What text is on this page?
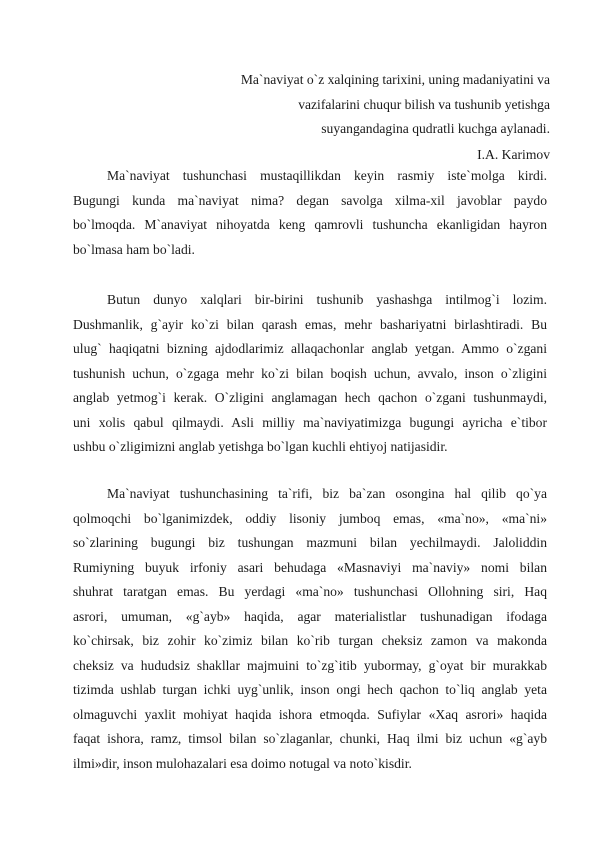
Ma`naviyat o`z xalqining tarixini, uning madaniyatini va
vazifalarini chuqur bilish va tushunib yetishga
suyangandagina qudratli kuchga aylanadi.
I.A. Karimov
Ma`naviyat tushunchasi mustaqillikdan keyin rasmiy iste`molga kirdi.
Bugungi kunda ma`naviyat nima? degan savolga xilma-xil javoblar paydo
bo`lmoqda. M`anaviyat nihoyatda keng qamrovli tushuncha ekanligidan hayron
bo`lmasa ham bo`ladi.
Butun dunyo xalqlari bir-birini tushunib yashashga intilmog`i lozim.
Dushmanlik, g`ayir ko`zi bilan qarash emas, mehr bashariyatni birlashtiradi. Bu
ulug` haqiqatni bizning ajdodlarimiz allaqachonlar anglab yetgan. Ammo o`zgani
tushunish uchun, o`zgaga mehr ko`zi bilan boqish uchun, avvalo, inson o`zligini
anglab yetmog`i kerak. O`zligini anglamagan hech qachon o`zgani tushunmaydi,
uni xolis qabul qilmaydi. Asli milliy ma`naviyatimizga bugungi ayricha e`tibor
ushbu o`zligimizni anglab yetishga bo`lgan kuchli ehtiyoj natijasidir.
Ma`naviyat tushunchasining ta`rifi, biz ba`zan osongina hal qilib qo`ya
qolmoqchi bo`lganimizdek, oddiy lisoniy jumboq emas, «ma`no», «ma`ni»
so`zlarining bugungi biz tushungan mazmuni bilan yechilmaydi. Jaloliddin
Rumiyning buyuk irfoniy asari behudaga «Masnaviyi ma`naviy» nomi bilan
shuhrat taratgan emas. Bu yerdagi «ma`no» tushunchasi Ollohning siri, Haq
asrori, umuman, «g`ayb» haqida, agar materialistlar tushunadigan ifodaga
ko`chirsak, biz zohir ko`zimiz bilan ko`rib turgan cheksiz zamon va makonda
cheksiz va hududsiz shakllar majmuini to`zg`itib yubormay, g`oyat bir murakkab
tizimda ushlab turgan ichki uyg`unlik, inson ongi hech qachon to`liq anglab yeta
olmaguvchi yaxlit mohiyat haqida ishora etmoqda. Sufiylar «Xaq asrori» haqida
faqat ishora, ramz, timsol bilan so`zlaganlar, chunki, Haq ilmi biz uchun «g`ayb
ilmi»dir, inson mulohazalari esa doimo notugal va noto`kisdir.
